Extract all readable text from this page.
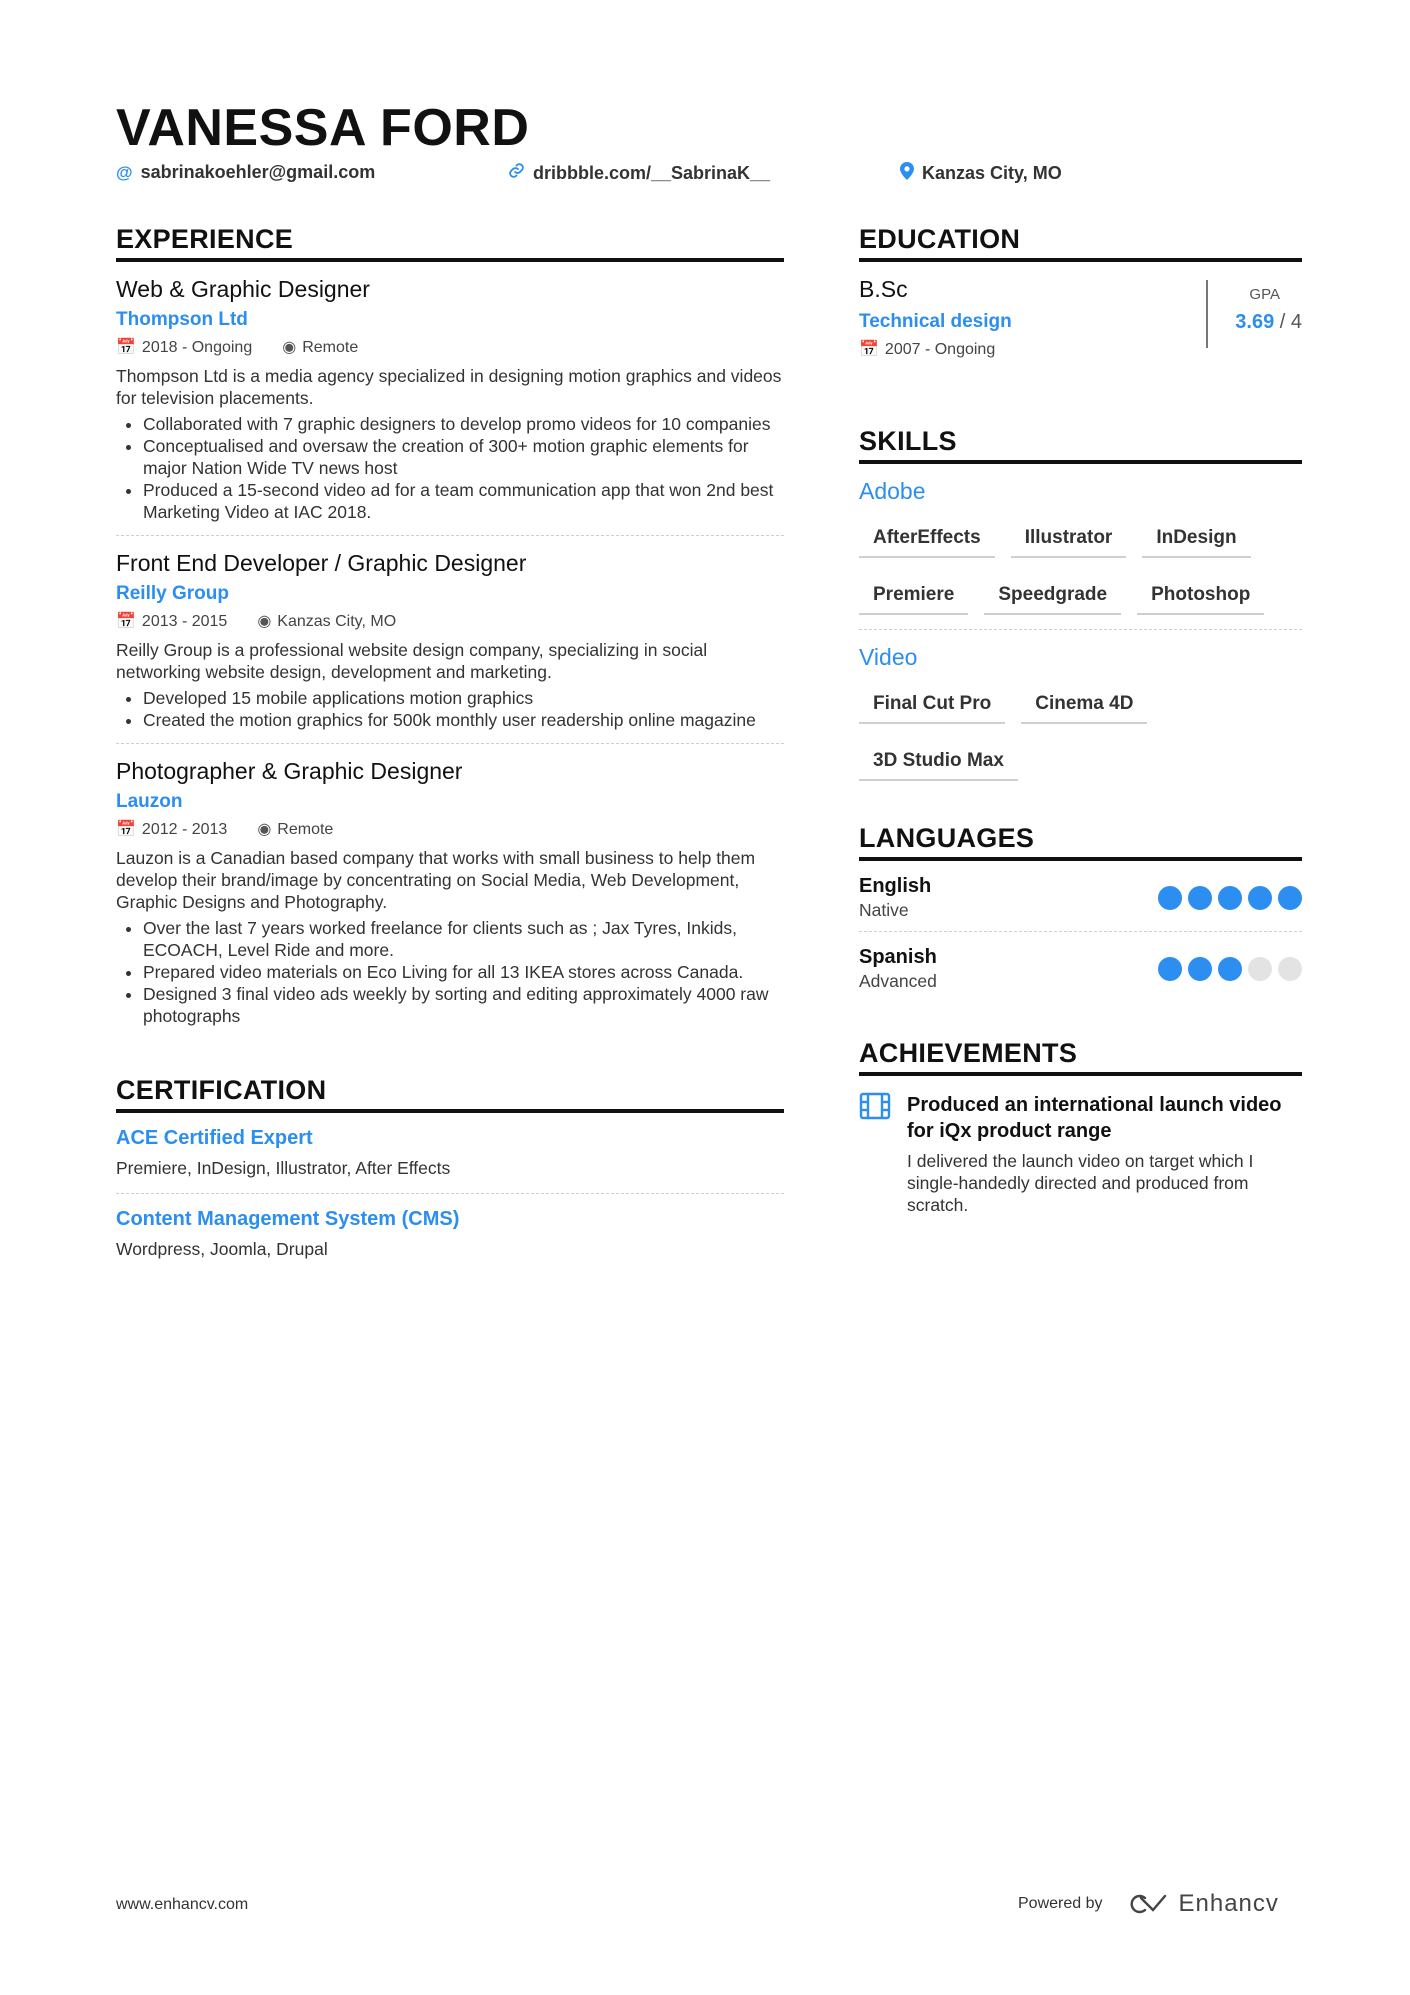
VANESSA FORD
@ sabrinakoehler@gmail.com	dribbble.com/__SabrinaK__	Kanzas City, MO
EXPERIENCE
Web & Graphic Designer
Thompson Ltd
📅 2018 - Ongoing ◉ Remote

Thompson Ltd is a media agency specialized in designing motion graphics and videos for television placements.

• Collaborated with 7 graphic designers to develop promo videos for 10 companies
• Conceptualised and oversaw the creation of 300+ motion graphic elements for major Nation Wide TV news host
• Produced a 15-second video ad for a team communication app that won 2nd best Marketing Video at IAC 2018.
Front End Developer / Graphic Designer
Reilly Group
📅 2013 - 2015 ◉ Kanzas City, MO

Reilly Group is a professional website design company, specializing in social networking website design, development and marketing.

• Developed 15 mobile applications motion graphics
• Created the motion graphics for 500k monthly user readership online magazine
Photographer & Graphic Designer
Lauzon
📅 2012 - 2013 ◉ Remote

Lauzon is a Canadian based company that works with small business to help them develop their brand/image by concentrating on Social Media, Web Development, Graphic Designs and Photography.

• Over the last 7 years worked freelance for clients such as ; Jax Tyres, Inkids, ECOACH, Level Ride and more.
• Prepared video materials on Eco Living for all 13 IKEA stores across Canada.
• Designed 3 final video ads weekly by sorting and editing approximately 4000 raw photographs
CERTIFICATION
ACE Certified Expert
Premiere, InDesign, Illustrator, After Effects
Content Management System (CMS)
Wordpress, Joomla, Drupal
EDUCATION
B.Sc
Technical design
📅 2007 - Ongoing
GPA
3.69 / 4
SKILLS
Adobe
AfterEffects	Illustrator	InDesign
Premiere	Speedgrade	Photoshop
Video
Final Cut Pro	Cinema 4D
3D Studio Max
LANGUAGES
English
Native
Spanish
Advanced
ACHIEVEMENTS
Produced an international launch video for iQx product range
I delivered the launch video on target which I single-handedly directed and produced from scratch.
www.enhancv.com	Powered by	Enhancv
